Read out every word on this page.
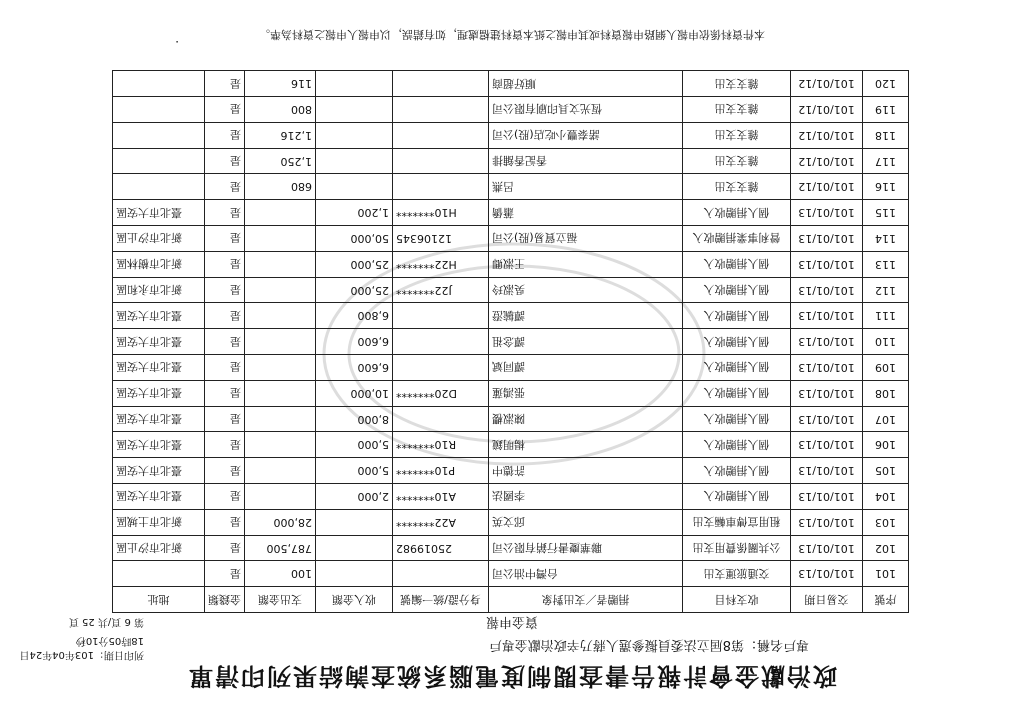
政治獻金會計報告書查閱制度電腦系統查詢結果列印清單
專戶名稱：第8屆立法委員擬參選人蔣乃辛政治獻金專戶
列印日期：103年04年24日
18時05分10秒
資金申報
第 6 頁/共 25 頁
序號	交易日期	收支科目	捐贈者／支出對象	身分證/統一編號	收入金額	支出金額	金錢類	地址
101	101/01/13	交通旅運支出	台灣中油公司			100	是	
102	101/01/13	公共關係費用支出	聯華慶書行銷有限公司	25019982		787,500	是	新北市汐止區
103	101/01/13	租用宣傳車輛支出	邱文英	A22*******		28,000	是	新北市土城區
104	101/01/13	個人捐贈收入	李國法	A10*******	2,000		是	臺北市大安區
105	101/01/13	個人捐贈收入	許德中	P10*******	5,000		是	臺北市大安區
106	101/01/13	個人捐贈收入	楊明鏡	R10*******	5,000		是	臺北市大安區
107	101/01/13	個人捐贈收入	陳淑櫻		8,000		是	臺北市大安區
108	101/01/13	個人捐贈收入	張鴻蓮	D20*******	10,000		是	臺北市大安區
109	101/01/13	個人捐贈收入	譚同斌		6,600		是	臺北市大安區
110	101/01/13	個人捐贈收入	譚念祖		6,600		是	臺北市大安區
111	101/01/13	個人捐贈收入	譚毓澄		6,800		是	臺北市大安區
112	101/01/13	個人捐贈收入	吳淑玲	J22*******	25,000		是	新北市永和區
113	101/01/13	個人捐贈收入	王淑卿	H22*******	25,000		是	新北市樹林區
114	101/01/13	營利事業捐贈收入	福立貿易(股)公司	12106345	50,000		是	新北市汐止區
115	101/01/13	個人捐贈收入	蕭僑	H10*******	1,200		是	臺北市大安區
116	101/01/12	雜支支出	呂燕			680	是	
117	101/01/12	雜支支出	香記香舖排			1,250	是	
118	101/01/12	雜支支出	諾泰豐小吃店(股)公司			1,216	是	
119	101/01/12	雜支支出	恆光文具印刷有限公司			800	是	
120	101/01/12	雜支支出	順好超商			116	是	
本件資料係依申報人網路申報資料或其申報之紙本資料建檔處理，如有錯誤，以申報人申報之資料為準。
.
